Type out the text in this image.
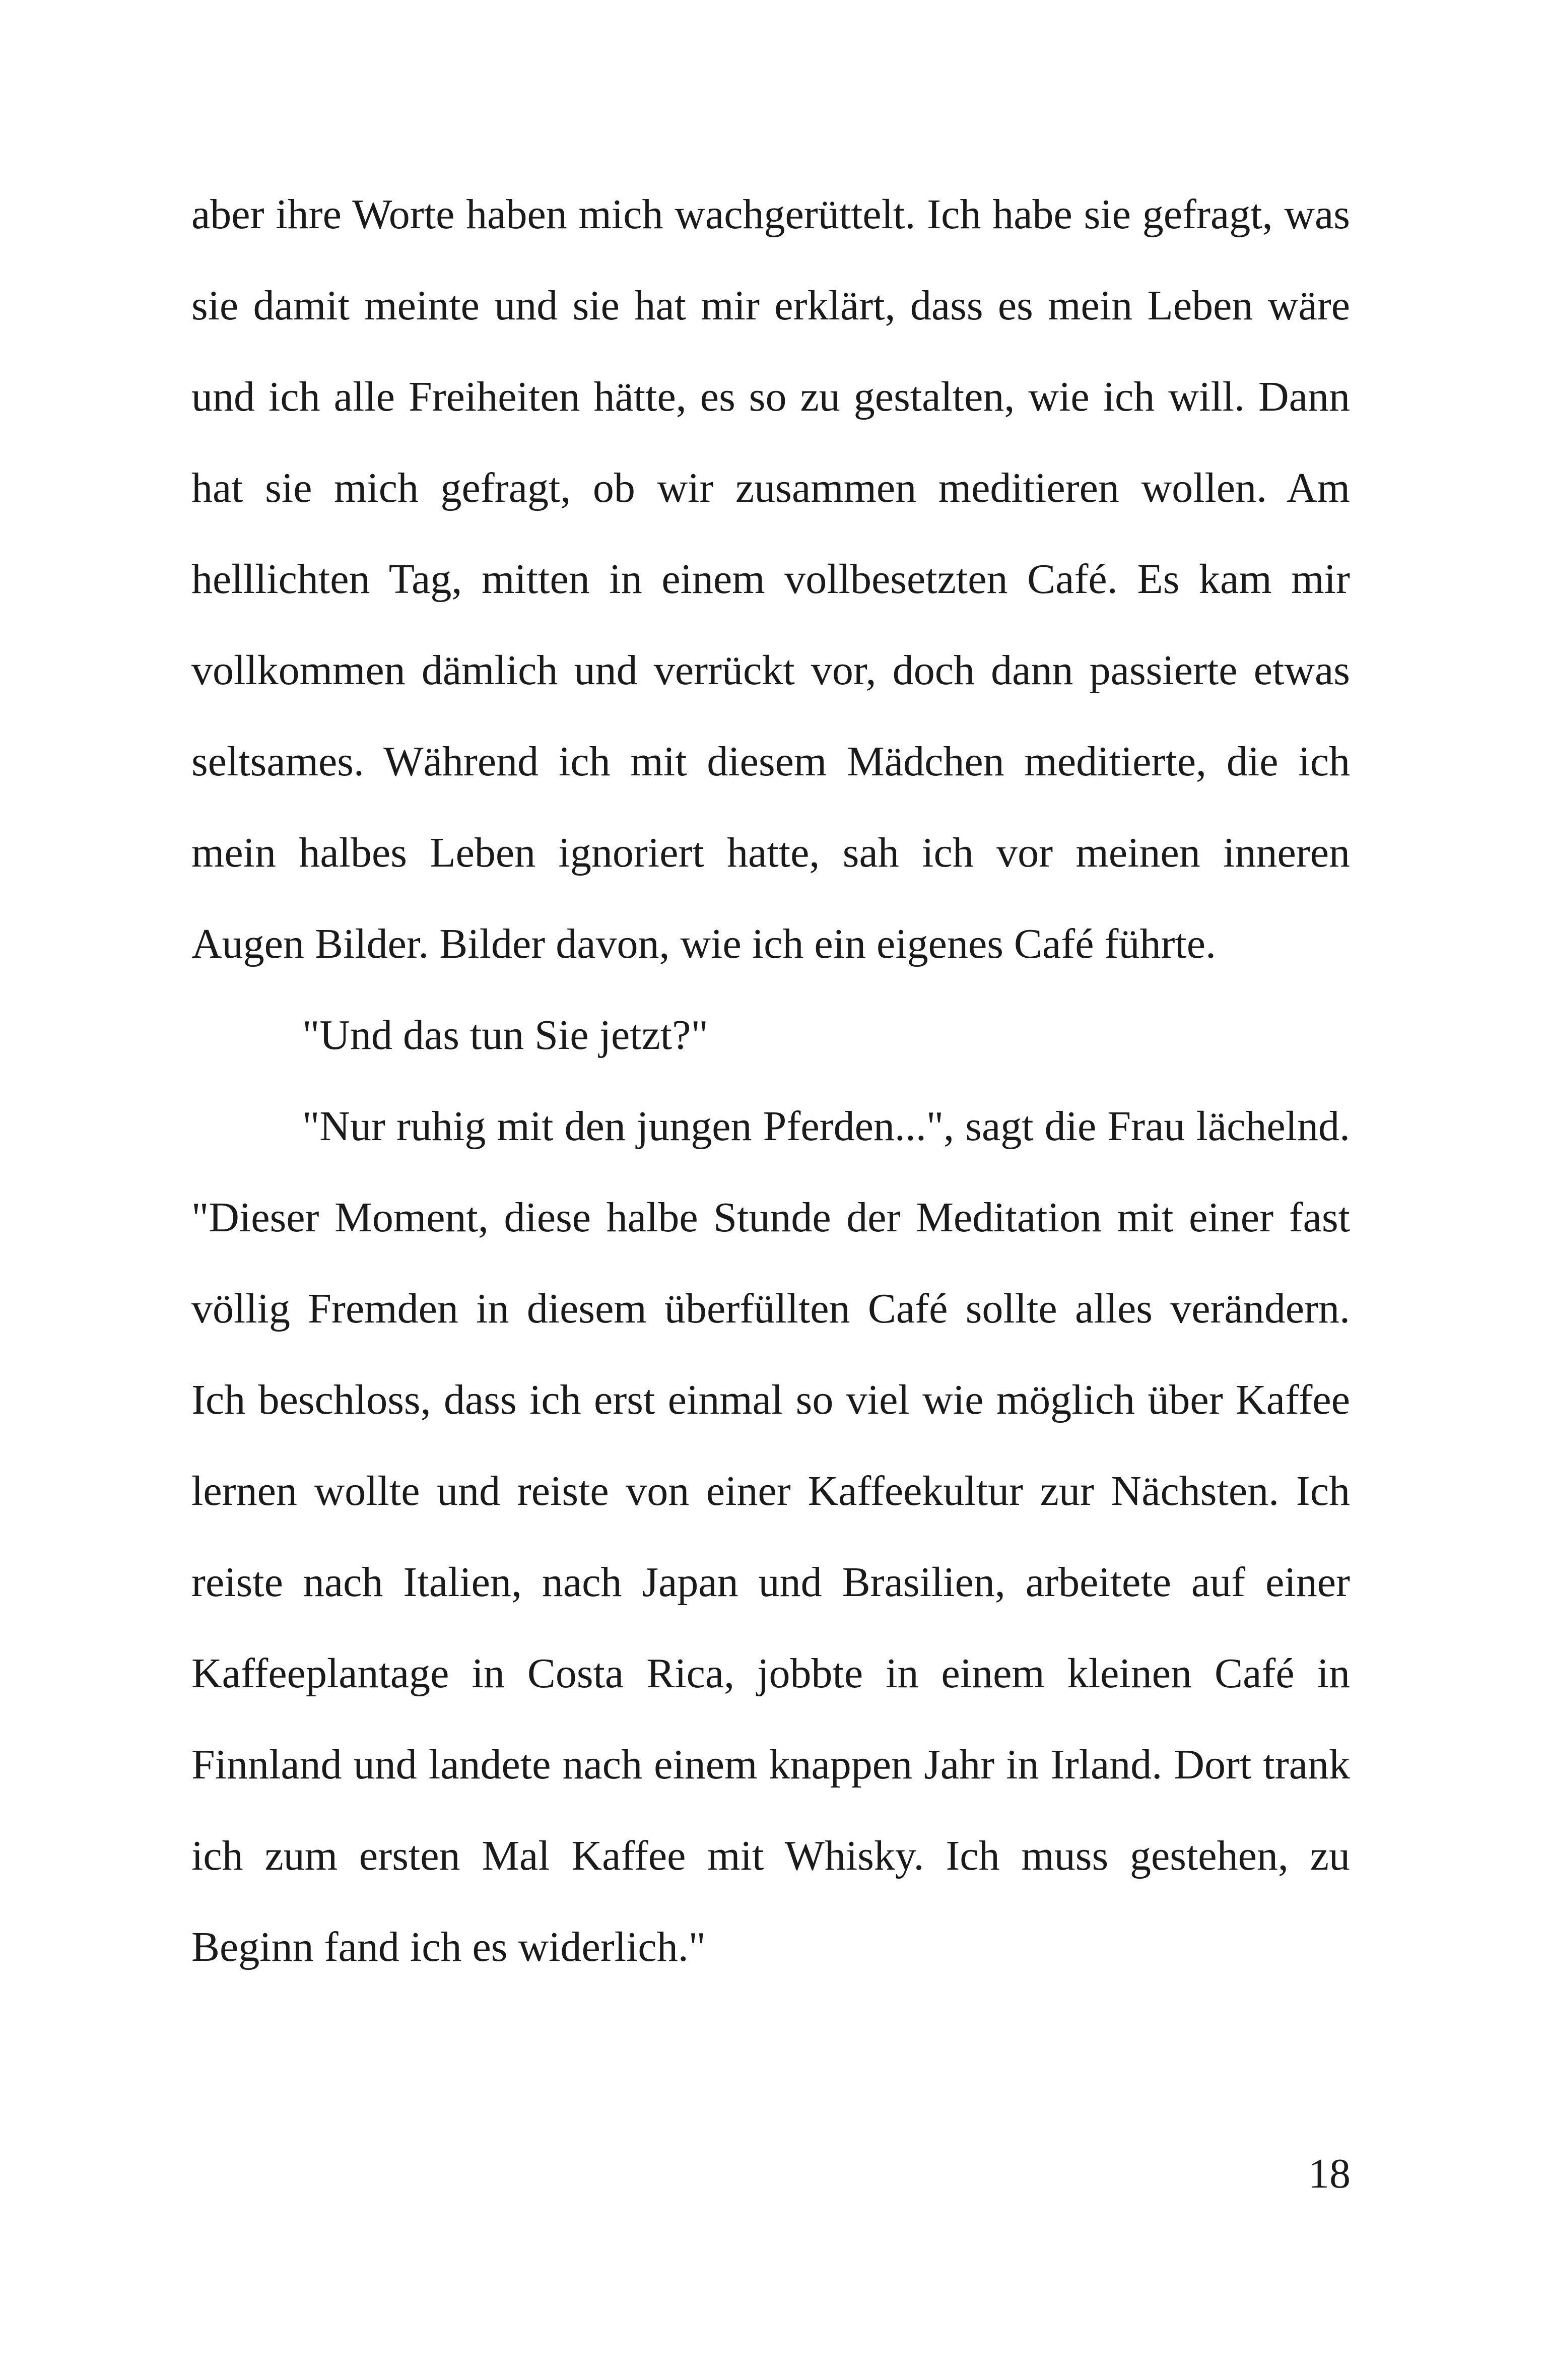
aber ihre Worte haben mich wachgerüttelt. Ich habe sie gefragt, was sie damit meinte und sie hat mir erklärt, dass es mein Leben wäre und ich alle Freiheiten hätte, es so zu gestalten, wie ich will. Dann hat sie mich gefragt, ob wir zusammen meditieren wollen. Am helllichten Tag, mitten in einem vollbesetzten Café. Es kam mir vollkommen dämlich und verrückt vor, doch dann passierte etwas seltsames. Während ich mit diesem Mädchen meditierte, die ich mein halbes Leben ignoriert hatte, sah ich vor meinen inneren Augen Bilder. Bilder davon, wie ich ein eigenes Café führte.

"Und das tun Sie jetzt?"

"Nur ruhig mit den jungen Pferden...", sagt die Frau lächelnd. "Dieser Moment, diese halbe Stunde der Meditation mit einer fast völlig Fremden in diesem überfüllten Café sollte alles verändern. Ich beschloss, dass ich erst einmal so viel wie möglich über Kaffee lernen wollte und reiste von einer Kaffeekultur zur Nächsten. Ich reiste nach Italien, nach Japan und Brasilien, arbeitete auf einer Kaffeeplantage in Costa Rica, jobbte in einem kleinen Café in Finnland und landete nach einem knappen Jahr in Irland. Dort trank ich zum ersten Mal Kaffee mit Whisky. Ich muss gestehen, zu Beginn fand ich es widerlich."

18
